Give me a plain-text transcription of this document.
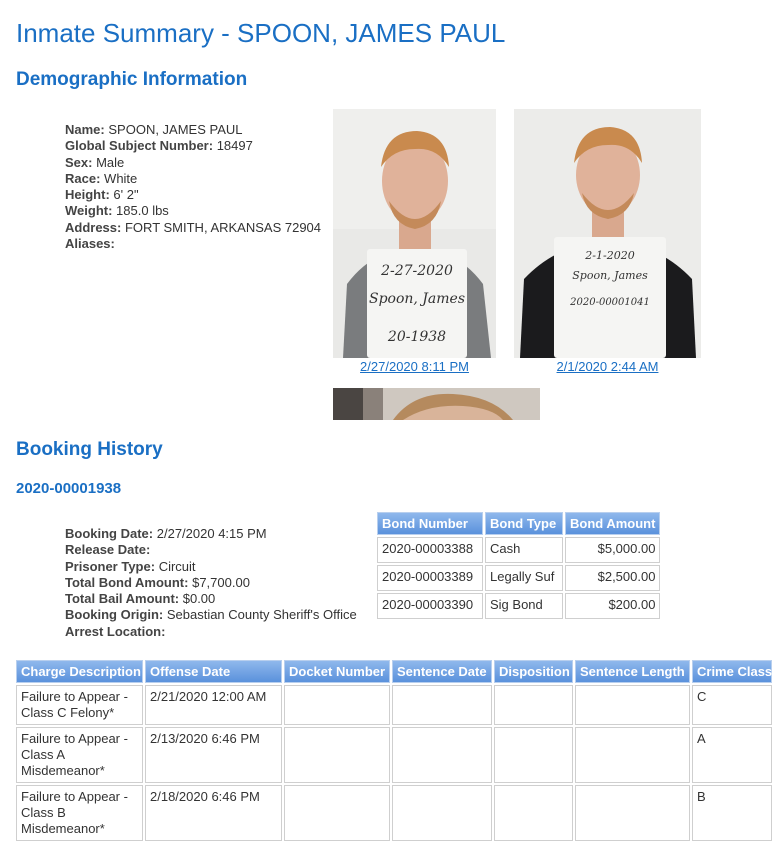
Inmate Summary - SPOON, JAMES PAUL
Demographic Information
Name: SPOON, JAMES PAUL
Global Subject Number: 18497
Sex: Male
Race: White
Height: 6' 2"
Weight: 185.0 lbs
Address: FORT SMITH, ARKANSAS 72904
Aliases:
2-27-2020
Spoon, James
20-1938
2/27/2020 8:11 PM
2-1-2020
Spoon, James
2020-00001041
2/1/2020 2:44 AM
Booking History
2020-00001938
Booking Date: 2/27/2020 4:15 PM
Release Date:
Prisoner Type: Circuit
Total Bond Amount: $7,700.00
Total Bail Amount: $0.00
Booking Origin: Sebastian County Sheriff's Office
Arrest Location:
Bond Number	Bond Type	Bond Amount
2020-00003388	Cash	$5,000.00
2020-00003389	Legally Suf	$2,500.00
2020-00003390	Sig Bond	$200.00
Charge Description	Offense Date	Docket Number	Sentence Date	Disposition	Sentence Length	Crime Class
Failure to Appear - Class C Felony*	2/21/2020 12:00 AM					C
Failure to Appear - Class A Misdemeanor*	2/13/2020 6:46 PM					A
Failure to Appear - Class B Misdemeanor*	2/18/2020 6:46 PM					B
